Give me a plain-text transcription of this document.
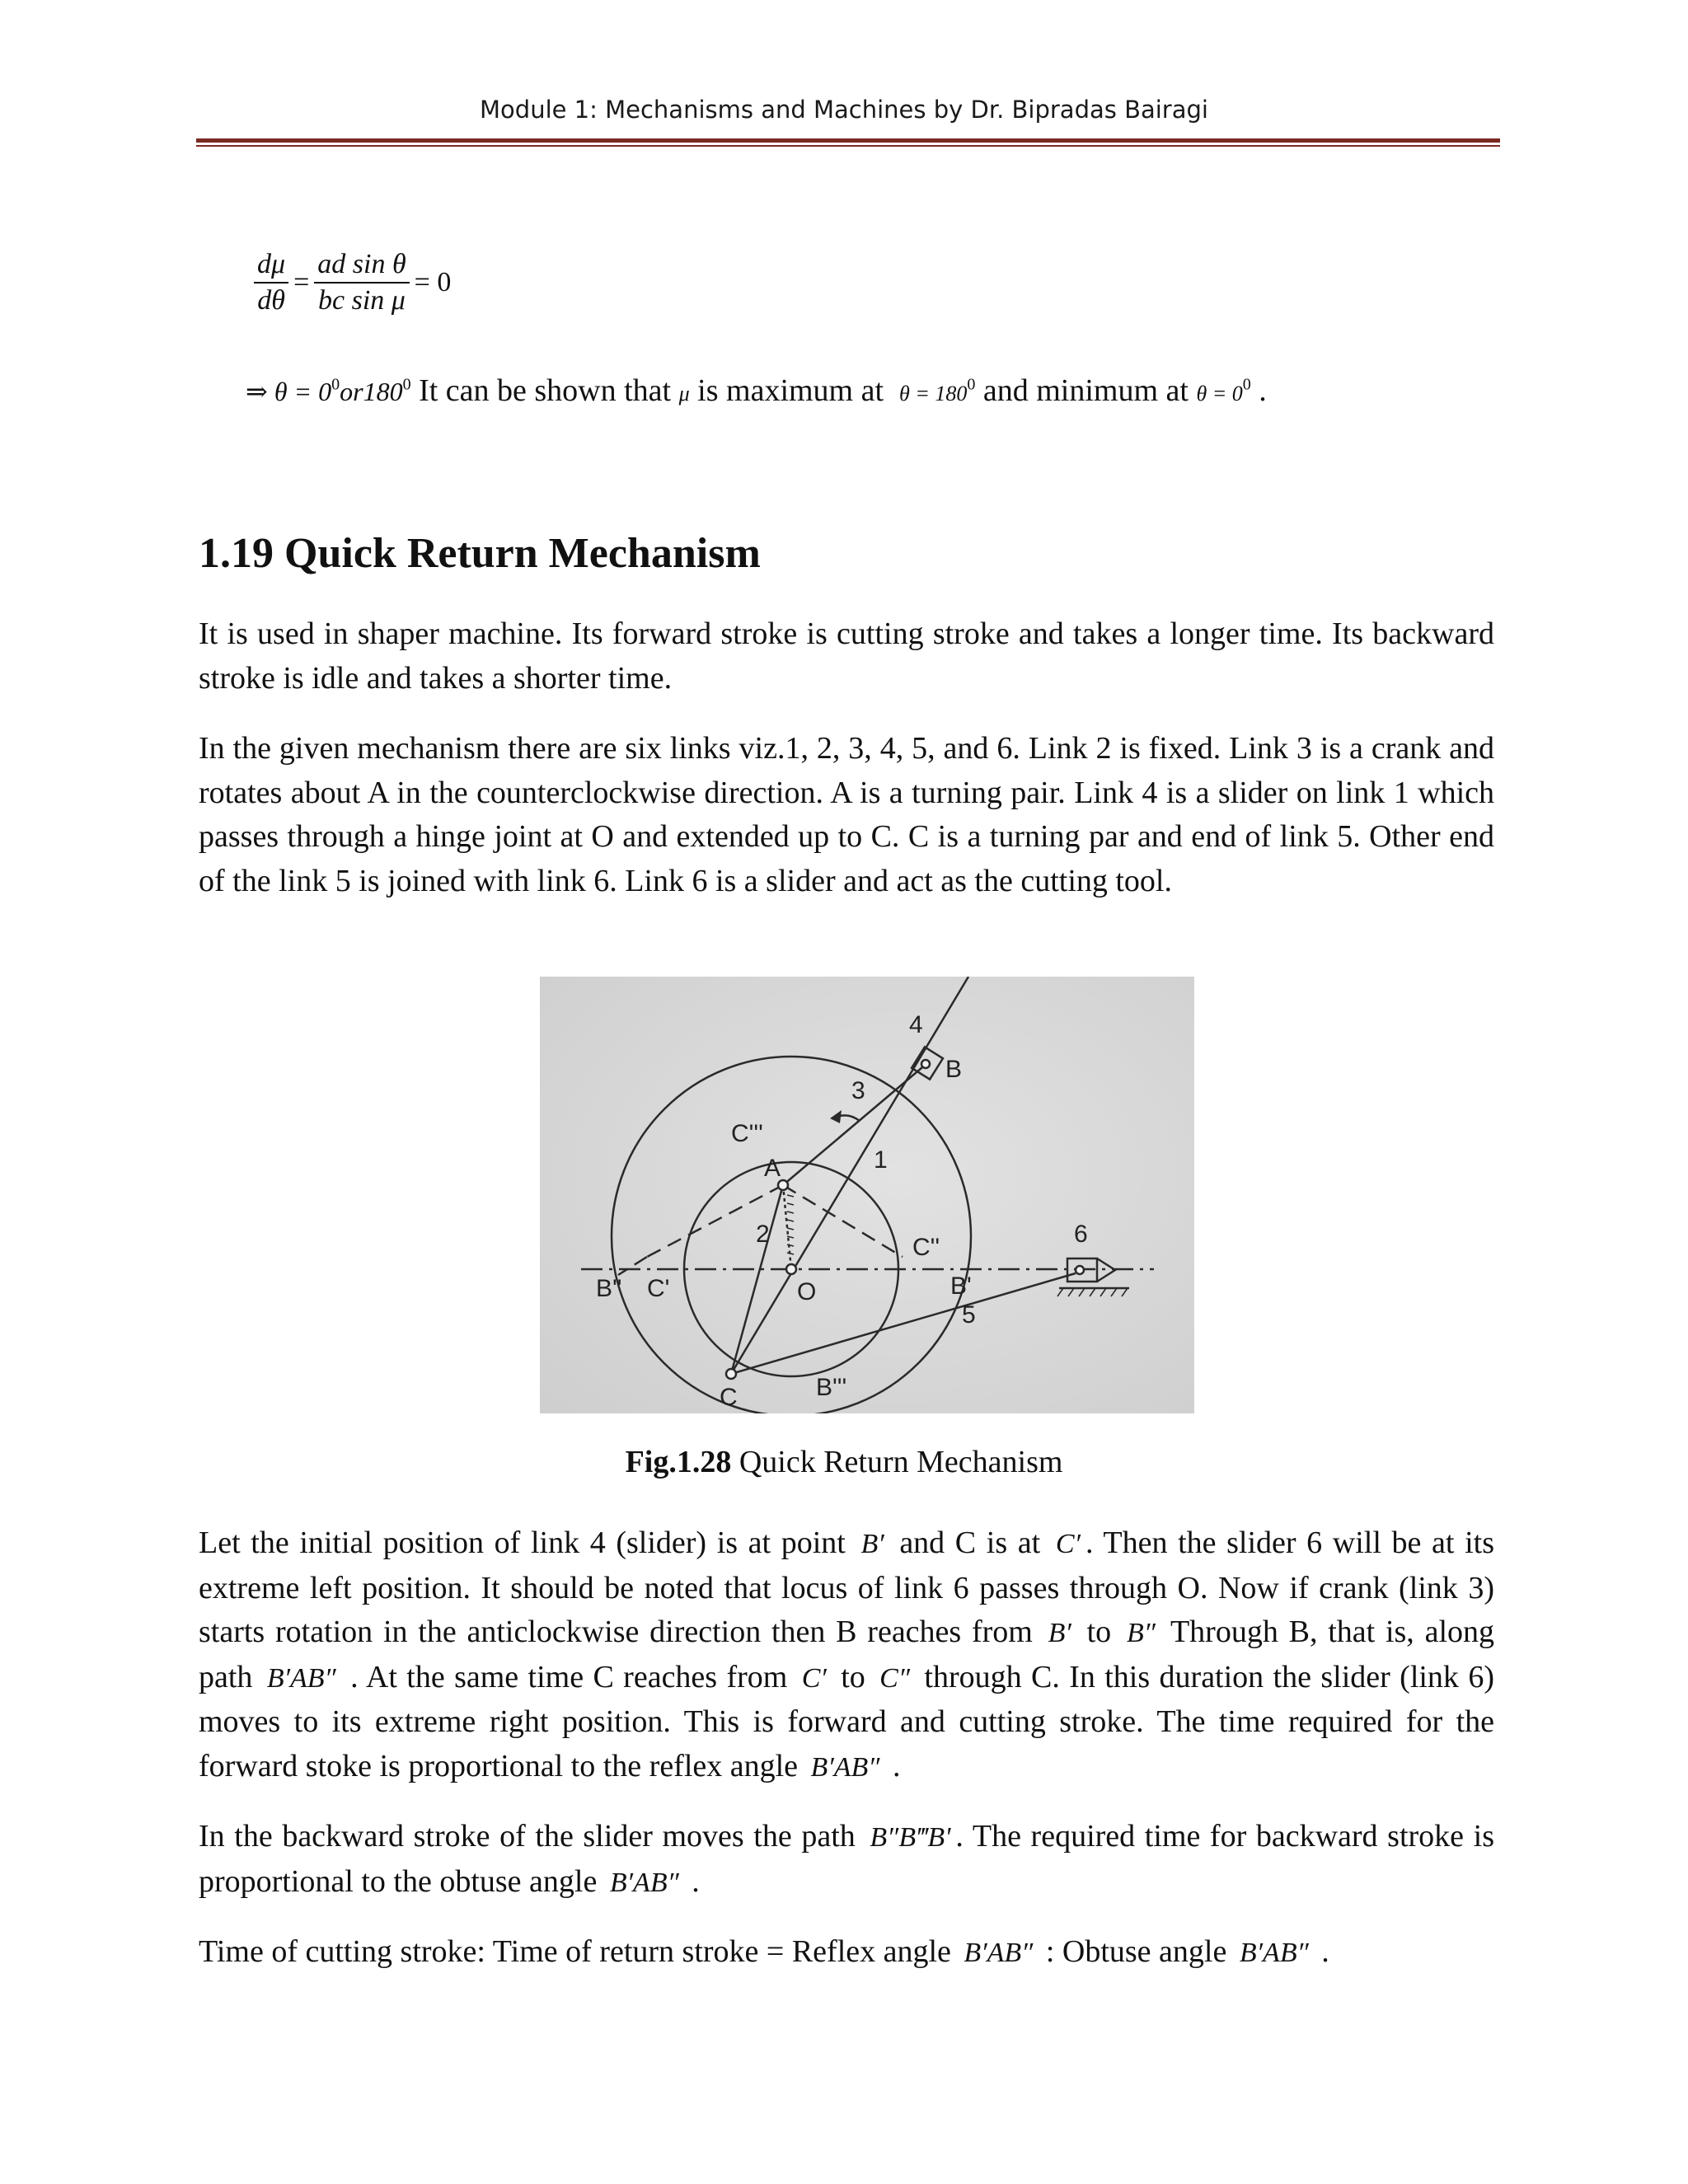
Module 1: Mechanisms and Machines by Dr. Bipradas Bairagi
$\frac{d\mu}{d\theta} = \frac{\text{ad sin θ}}{\text{bc sin μ}} = 0$
⇒ $\theta = 0^0or180^0$ It can be shown that μ is maximum at  $\theta = 180^0$ and minimum at $\theta = 0^0$ .
1.19 Quick Return Mechanism

It is used in shaper machine. Its forward stroke is cutting stroke and takes a longer time. Its backward stroke is idle and takes a shorter time.

In the given mechanism there are six links viz.1, 2, 3, 4, 5, and 6. Link 2 is fixed. Link 3 is a crank and rotates about A in the counterclockwise direction. A is a turning pair. Link 4 is a slider on link 1 which passes through a hinge joint at O and extended up to C. C is a turning par and end of link 5. Other end of the link 5 is joined with link 6. Link 6 is a slider and act as the cutting tool.

4
B
3
C'''
A	1
2	C''	6
B'' C'	O	B'
5
C	B'''
Fig.1.28 Quick Return Mechanism

Let the initial position of link 4 (slider) is at point B′ and C is at C′ . Then the slider 6 will be at its extreme left position. It should be noted that locus of link 6 passes through O. Now if crank (link 3) starts rotation in the anticlockwise direction then B reaches from B′ to B″ Through B, that is, along path B′AB″ . At the same time C reaches from C′ to C″ through C. In this duration the slider (link 6) moves to its extreme right position. This is forward and cutting stroke. The time required for the forward stoke is proportional to the reflex angle B′AB″ .

In the backward stroke of the slider moves the path B″B‴B' . The required time for backward stroke is proportional to the obtuse angle B′AB″ .

Time of cutting stroke: Time of return stroke = Reflex angle B′AB″ : Obtuse angle B′AB″ .
